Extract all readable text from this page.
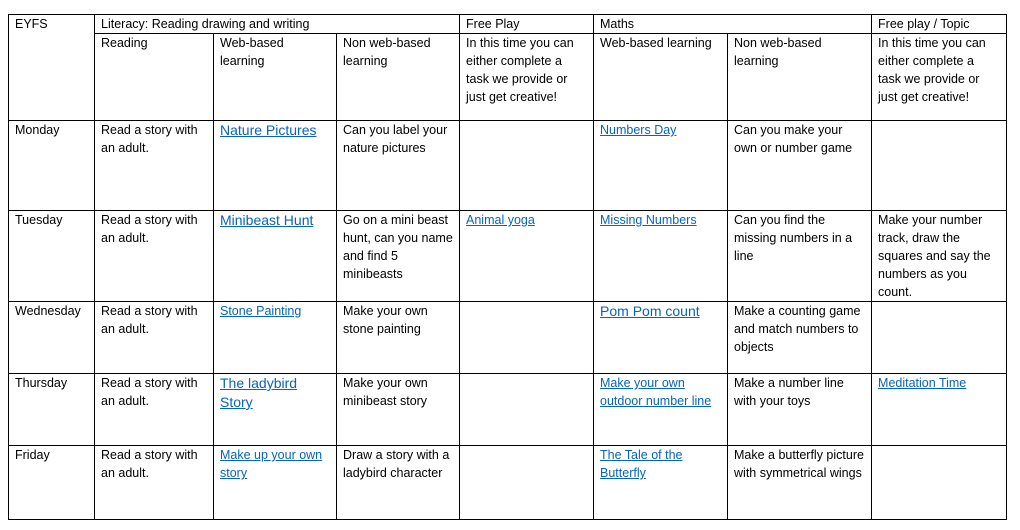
EYFS	Literacy: Reading drawing and writing			Free Play	Maths		Free play / Topic
	Reading	Web-based learning	Non web-based learning	In this time you can either complete a task we provide or just get creative!	Web-based learning	Non web-based learning	In this time you can either complete a task we provide or just get creative!
Monday	Read a story with an adult.	Nature Pictures	Can you label your nature pictures		Numbers Day	Can you make your own or number game	
Tuesday	Read a story with an adult.	Minibeast Hunt	Go on a mini beast hunt, can you name and find 5 minibeasts	Animal yoga	Missing Numbers	Can you find the missing numbers in a line	Make your number track, draw the squares and say the numbers as you count.
Wednesday	Read a story with an adult.	Stone Painting	Make your own stone painting		Pom Pom count	Make a counting game and match numbers to objects	
Thursday	Read a story with an adult.	The ladybird Story	Make your own minibeast story		Make your own outdoor number line	Make a number line with your toys	Meditation Time
Friday	Read a story with an adult.	Make up your own story	Draw a story with a ladybird character		The Tale of the Butterfly	Make a butterfly picture with symmetrical wings	
